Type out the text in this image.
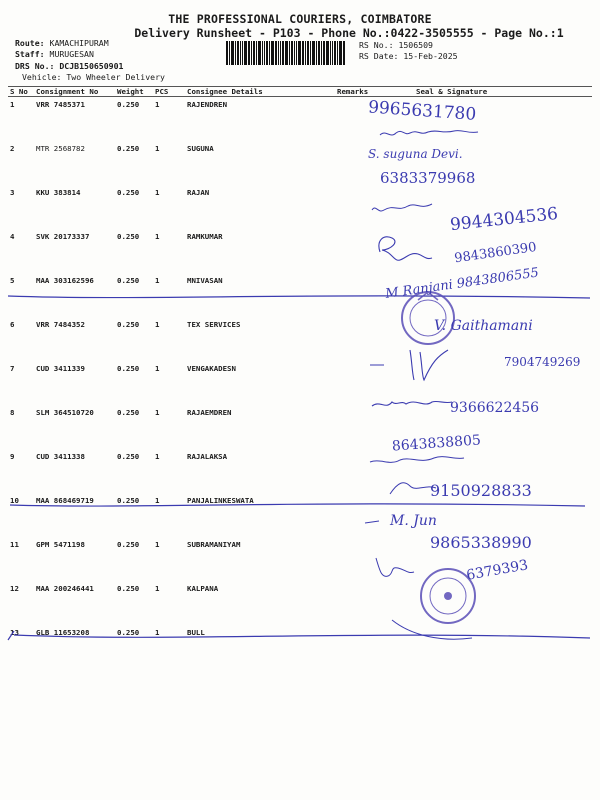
THE PROFESSIONAL COURIERS, COIMBATORE
Delivery Runsheet - P103 - Phone No.:0422-3505555 - Page No.:1
Route: KAMACHIPURAM
Staff: MURUGESAN
DRS No.: DCJB150650901
Vehicle: Two Wheeler Delivery
RS No.: 1506509
RS Date: 15-Feb-2025
S No	Consignment No	Weight	PCS	Consignee Details	Remarks	Seal & Signature
1	VRR 7485371	0.250	1	RAJENDREN		
2	MTR 2568782	0.250	1	SUGUNA		
3	KKU 383814	0.250	1	RAJAN		
4	SVK 20173337	0.250	1	RAMKUMAR		
5	MAA 303162596	0.250	1	MNIVASAN		
6	VRR 7484352	0.250	1	TEX SERVICES		
7	CUD 3411339	0.250	1	VENGAKADESN		
8	SLM 364510720	0.250	1	RAJAEMDREN		
9	CUD 3411338	0.250	1	RAJALAKSA		
10	MAA 868469719	0.250	1	PANJALINKESWATA		
11	GPM 5471198	0.250	1	SUBRAMANIYAM		
12	MAA 200246441	0.250	1	KALPANA		
13	GLB 11653208	0.250	1	BULL		
9965631780
S. suguna Devi.
6383379968
9944304536
9843860390
M Ranjani 9843806555
V. Gaithamani
7904749269
9366622456
8643838805
9150928833
M. Jun
9865338990
6379393
